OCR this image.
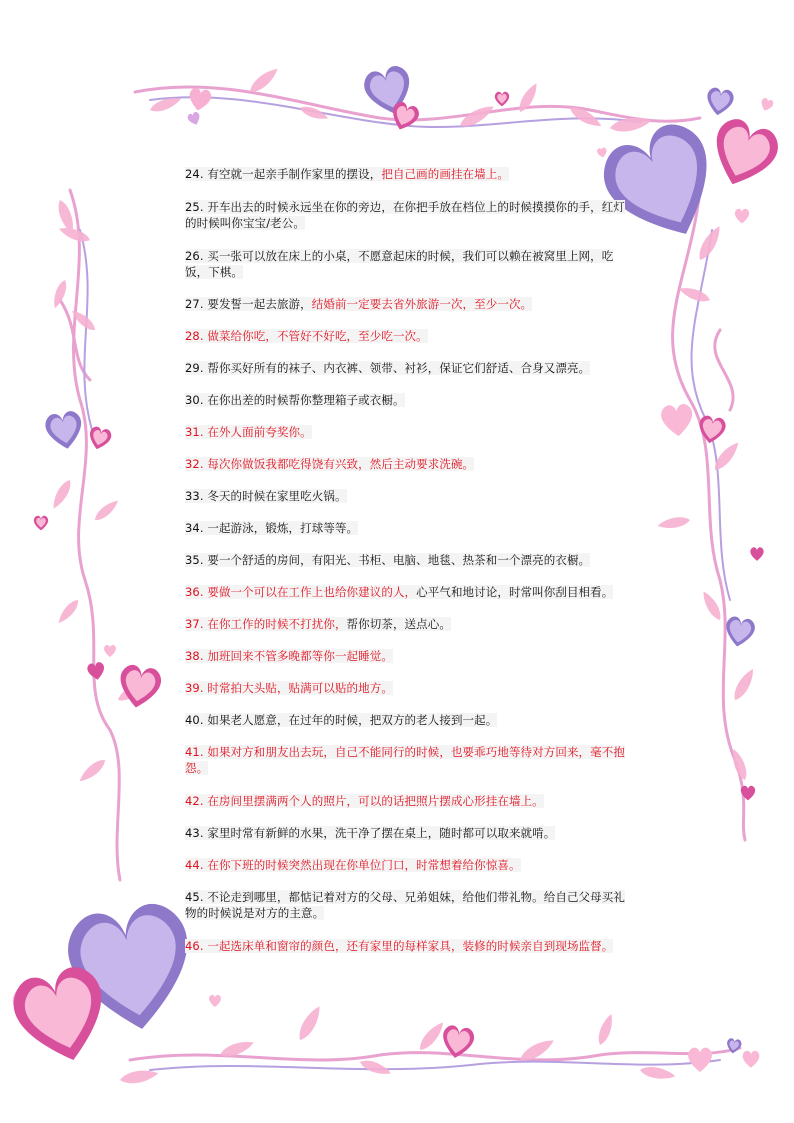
24. 有空就一起亲手制作家里的摆设，把自己画的画挂在墙上。
25. 开车出去的时候永远坐在你的旁边，在你把手放在档位上的时候摸摸你的手，红灯的时候叫你宝宝/老公。
26. 买一张可以放在床上的小桌，不愿意起床的时候，我们可以赖在被窝里上网，吃饭，下棋。
27. 要发誓一起去旅游，结婚前一定要去省外旅游一次，至少一次。
28. 做菜给你吃，不管好不好吃，至少吃一次。
29. 帮你买好所有的袜子、内衣裤、领带、衬衫，保证它们舒适、合身又漂亮。
30. 在你出差的时候帮你整理箱子或衣橱。
31. 在外人面前夸奖你。
32. 每次你做饭我都吃得饶有兴致，然后主动要求洗碗。
33. 冬天的时候在家里吃火锅。
34. 一起游泳，锻炼，打球等等。
35. 要一个舒适的房间，有阳光、书柜、电脑、地毯、热茶和一个漂亮的衣橱。
36. 要做一个可以在工作上也给你建议的人，心平气和地讨论，时常叫你刮目相看。
37. 在你工作的时候不打扰你，帮你切茶，送点心。
38. 加班回来不管多晚都等你一起睡觉。
39. 时常拍大头贴，贴满可以贴的地方。
40. 如果老人愿意，在过年的时候，把双方的老人接到一起。
41. 如果对方和朋友出去玩，自己不能同行的时候，也要乖巧地等待对方回来，毫不抱怨。
42. 在房间里摆满两个人的照片，可以的话把照片摆成心形挂在墙上。
43. 家里时常有新鲜的水果，洗干净了摆在桌上，随时都可以取来就啃。
44. 在你下班的时候突然出现在你单位门口，时常想着给你惊喜。
45. 不论走到哪里，都惦记着对方的父母、兄弟姐妹，给他们带礼物。给自己父母买礼物的时候说是对方的主意。
46. 一起选床单和窗帘的颜色，还有家里的每样家具，装修的时候亲自到现场监督。
